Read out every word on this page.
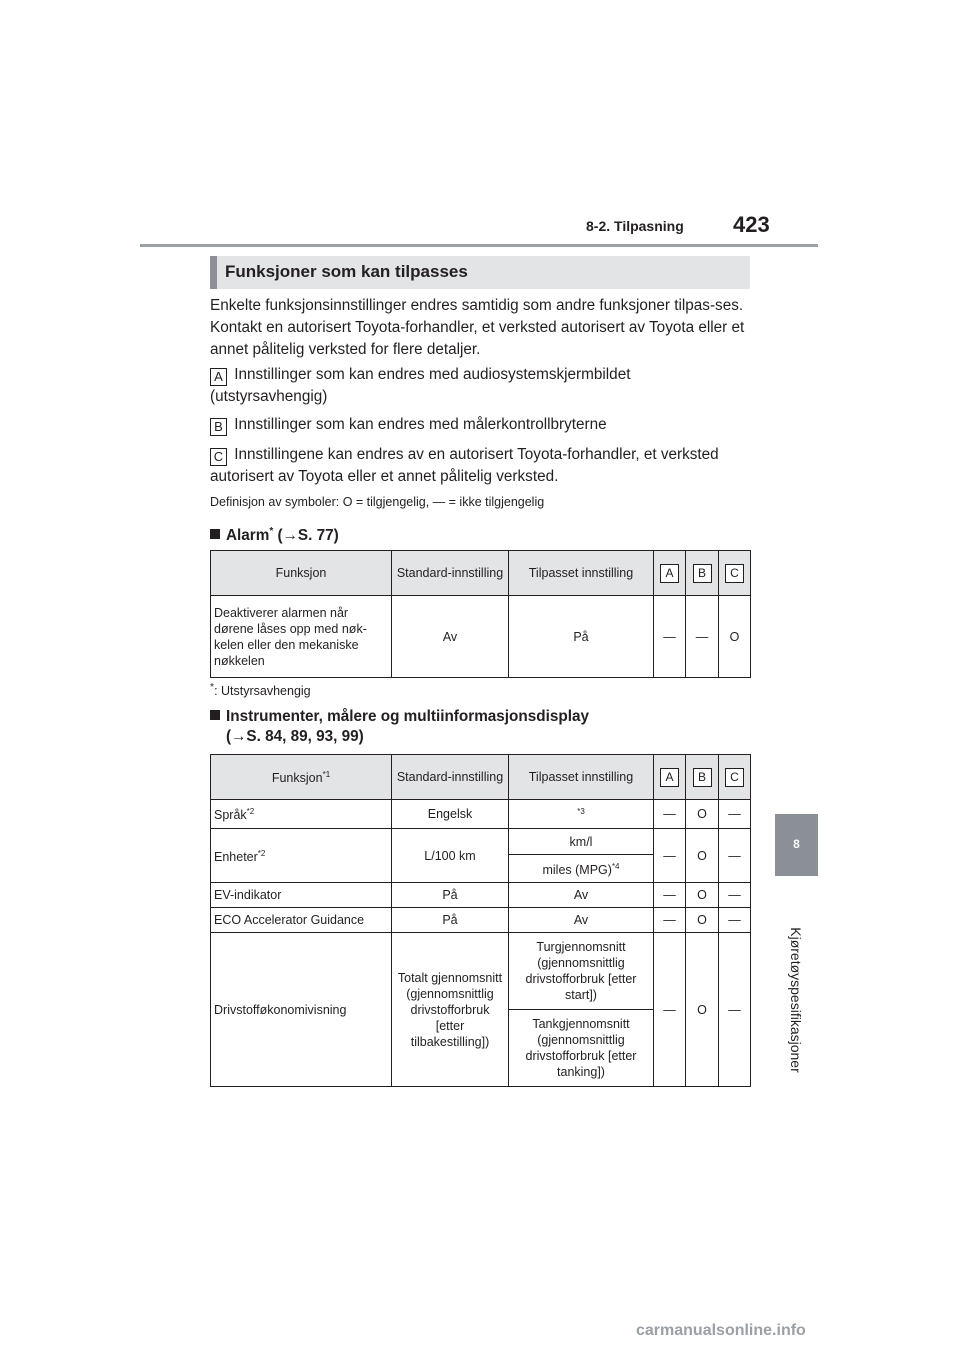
8-2. Tilpasning 423
8
Kjøretøyspesifikasjoner
Funksjoner som kan tilpasses
Enkelte funksjonsinnstillinger endres samtidig som andre funksjoner tilpas-ses. Kontakt en autorisert Toyota-forhandler, et verksted autorisert av Toyota eller et annet pålitelig verksted for flere detaljer.
A Innstillinger som kan endres med audiosystemskjermbildet (utstyrsavhengig)
B Innstillinger som kan endres med målerkontrollbryterne
C Innstillingene kan endres av en autorisert Toyota-forhandler, et verksted autorisert av Toyota eller et annet pålitelig verksted.
Definisjon av symboler: O = tilgjengelig, — = ikke tilgjengelig
Alarm* (→S. 77)
Funksjon	Standard-innstilling	Tilpasset innstilling	A	B	C
Deaktiverer alarmen når dørene låses opp med nøk-kelen eller den mekaniske nøkkelen	Av	På	—	—	O
*: Utstyrsavhengig
Instrumenter, målere og multiinformasjonsdisplay
(→S. 84, 89, 93, 99)
Funksjon$^{*1}$	Standard-innstilling	Tilpasset innstilling	A	B	C
Språk$^{*2}$	Engelsk	$^{*3}$	—	O	—
Enheter$^{*2}$	L/100 km	km/l	—	O	—
		miles (MPG)$^{*4}$
EV-indikator	På	Av	—	O	—
ECO Accelerator Guidance	På	Av	—	O	—
Drivstofføkonomivisning	Totalt gjennomsnitt (gjennomsnittlig drivstofforbruk [etter tilbakestilling])	Turgjennomsnitt (gjennomsnittlig drivstofforbruk [etter start])	—	O	—
		Tankgjennomsnitt (gjennomsnittlig drivstofforbruk [etter tanking])			
carmanualsonline.info
